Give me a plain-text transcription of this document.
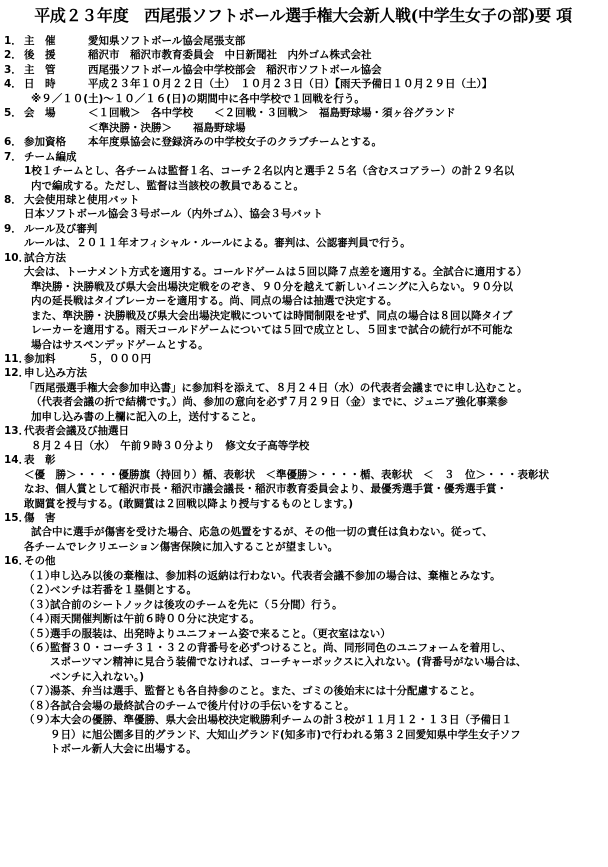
平成２３年度　西尾張ソフトボール選手権大会新人戦(中学生女子の部)要 項
1． 主　催	愛知県ソフトボール協会尾張支部
2． 後　援	稲沢市　稲沢市教育委員会　中日新聞社　内外ゴム株式会社
3． 主　管	西尾張ソフトボール協会中学校部会　稲沢市ソフトボール協会
4． 日　時	平成２３年１０月２２日（土）　１０月２３日（日）【雨天予備日１０月２９日（土）】
※９／１０(土)～１０／１６(日)の期間中に各中学校で１回戦を行う。
5． 会　場	＜１回戦＞　各中学校　　＜２回戦・３回戦＞　福島野球場・須ヶ谷グランド
＜準決勝・決勝＞　　福島野球場
6． 参加資格	本年度県協会に登録済みの中学校女子のクラブチームとする。
7． チーム編成
1校１チームとし、各チームは監督１名、コーチ２名以内と選手２５名（含むスコアラー）の計２９名以
内で編成する。ただし、監督は当該校の教員であること。
8． 大会使用球と使用バット
日本ソフトボール協会３号ボール（内外ゴム）、協会３号バット
9． ルール及び審判
ルールは、２０１１年オフィシャル・ルールによる。審判は、公認審判員で行う。
10．
試合方法
大会は、トーナメント方式を適用する。コールドゲームは５回以降７点差を適用する。全試合に適用する）
準決勝・決勝戦及び県大会出場決定戦をのぞき、９０分を越えて新しいイニングに入らない。９０分以
内の延長戦はタイブレーカーを適用する。尚、同点の場合は抽選で決定する。
また、準決勝・決勝戦及び県大会出場決定戦については時間制限をせず、同点の場合は８回以降タイブ
レーカーを適用する。雨天コールドゲームについては５回で成立とし、５回まで試合の続行が不可能な
場合はサスペンデッドゲームとする。
11．
参加料	５，０００円
12．
申し込み方法
「西尾張選手権大会参加申込書」に参加料を添えて、８月２４日（水）の代表者会議までに申し込むこと。
（代表者会議の折で結構です。）尚、参加の意向を必ず７月２９日（金）までに、ジュニア強化事業参
加申し込み書の上欄に記入の上，送付すること。
13．
代表者会議及び抽選日
８月２４日（水）　午前９時３０分より　修文女子高等学校
14．
表　彰
＜優　勝＞・・・・優勝旗（持回り）楯、表彰状　＜準優勝＞・・・・楯、表彰状　＜　３　位＞・・・表彰状
なお、個人賞として稲沢市長・稲沢市議会議長・稲沢市教育委員会より、最優秀選手賞・優秀選手賞・
敢闘賞を授与する。(敢闘賞は２回戦以降より授与するものとします。)
15．
傷　害
試合中に選手が傷害を受けた場合、応急の処置をするが、その他一切の責任は負わない。従って、
各チームでレクリエーション傷害保険に加入することが望ましい。
16．
その他
（１）
申し込み以後の棄権は、参加料の返納は行わない。代表者会議不参加の場合は、棄権とみなす。
（２）
ベンチは若番を１塁側とする。
（３）
試合前のシートノックは後攻のチームを先に（５分間）行う。
（４）
雨天開催判断は午前６時００分に決定する。
（５）
選手の服装は、出発時よりユニフォーム姿で来ること。（更衣室はない）
（６）
監督３０・コーチ３１・３２の背番号を必ずつけること。尚、同形同色のユニフォームを着用し、
スポーツマン精神に見合う装備でなければ、コーチャーボックスに入れない。(背番号がない場合は、
ベンチに入れない。)
（７）
湯茶、弁当は選手、監督とも各自持参のこと。また、ゴミの後始末には十分配慮すること。
（８）
各試合会場の最終試合のチームで後片付けの手伝いをすること。
（９）
本大会の優勝、準優勝、県大会出場校決定戦勝利チームの計３校が１１月１２・１３日（予備日１
９日）に旭公園多目的グランド、大知山グランド(知多市)で行われる第３２回愛知県中学生女子ソフ
トボール新人大会に出場する。
